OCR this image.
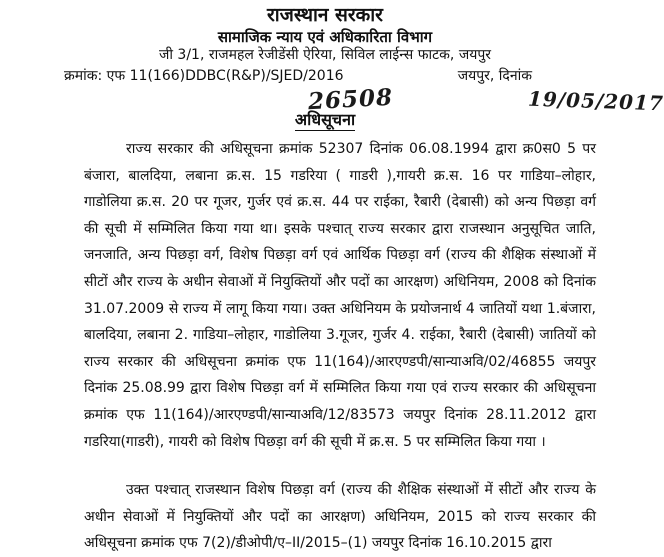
राजस्थान सरकार
सामाजिक न्याय एवं अधिकारिता विभाग
जी 3/1, राजमहल रेजीडेंसी ऐरिया, सिविल लाईन्स फाटक, जयपुर
क्रमांक: एफ 11(166)DDBC(R&P)/SJED/2016	जयपुर, दिनांक
26508	19/05/2017
अधिसूचना

राज्य सरकार की अधिसूचना क्रमांक 52307 दिनांक 06.08.1994 द्वारा क्र0स0 5 पर बंजारा, बालदिया, लबाना क्र.स. 15 गडरिया ( गाडरी ),गायरी क्र.स. 16 पर गाडिया–लोहार, गाडोलिया क्र.स. 20 पर गूजर, गुर्जर एवं क्र.स. 44 पर राईका, रैबारी (देबासी) को अन्य पिछड़ा वर्ग की सूची में सम्मिलित किया गया था। इसके पश्चात् राज्य सरकार द्वारा राजस्थान अनुसूचित जाति, जनजाति, अन्य पिछड़ा वर्ग, विशेष पिछड़ा वर्ग एवं आर्थिक पिछड़ा वर्ग (राज्य की शैक्षिक संस्थाओं में सीटों और राज्य के अधीन सेवाओं में नियुक्तियों और पदों का आरक्षण) अधिनियम, 2008 को दिनांक 31.07.2009 से राज्य में लागू किया गया। उक्त अधिनियम के प्रयोजनार्थ 4 जातियों यथा 1.बंजारा, बालदिया, लबाना 2. गाडिया–लोहार, गाडोलिया 3.गूजर, गुर्जर 4. राईका, रैबारी (देबासी) जातियों को राज्य सरकार की अधिसूचना क्रमांक एफ 11(164)/आरएण्डपी/सान्याअवि/02/46855 जयपुर दिनांक 25.08.99 द्वारा विशेष पिछड़ा वर्ग में सम्मिलित किया गया एवं राज्य सरकार की अधिसूचना क्रमांक एफ 11(164)/आरएण्डपी/सान्याअवि/12/83573 जयपुर दिनांक 28.11.2012 द्वारा गडरिया(गाडरी), गायरी को विशेष पिछड़ा वर्ग की सूची में क्र.स. 5 पर सम्मिलित किया गया ।

उक्त पश्चात् राजस्थान विशेष पिछड़ा वर्ग (राज्य की शैक्षिक संस्थाओं में सीटों और राज्य के अधीन सेवाओं में नियुक्तियों और पदों का आरक्षण) अधिनियम, 2015 को राज्य सरकार की अधिसूचना क्रमांक एफ 7(2)/डीओपी/ए–II/2015–(1) जयपुर दिनांक 16.10.2015 द्वारा
